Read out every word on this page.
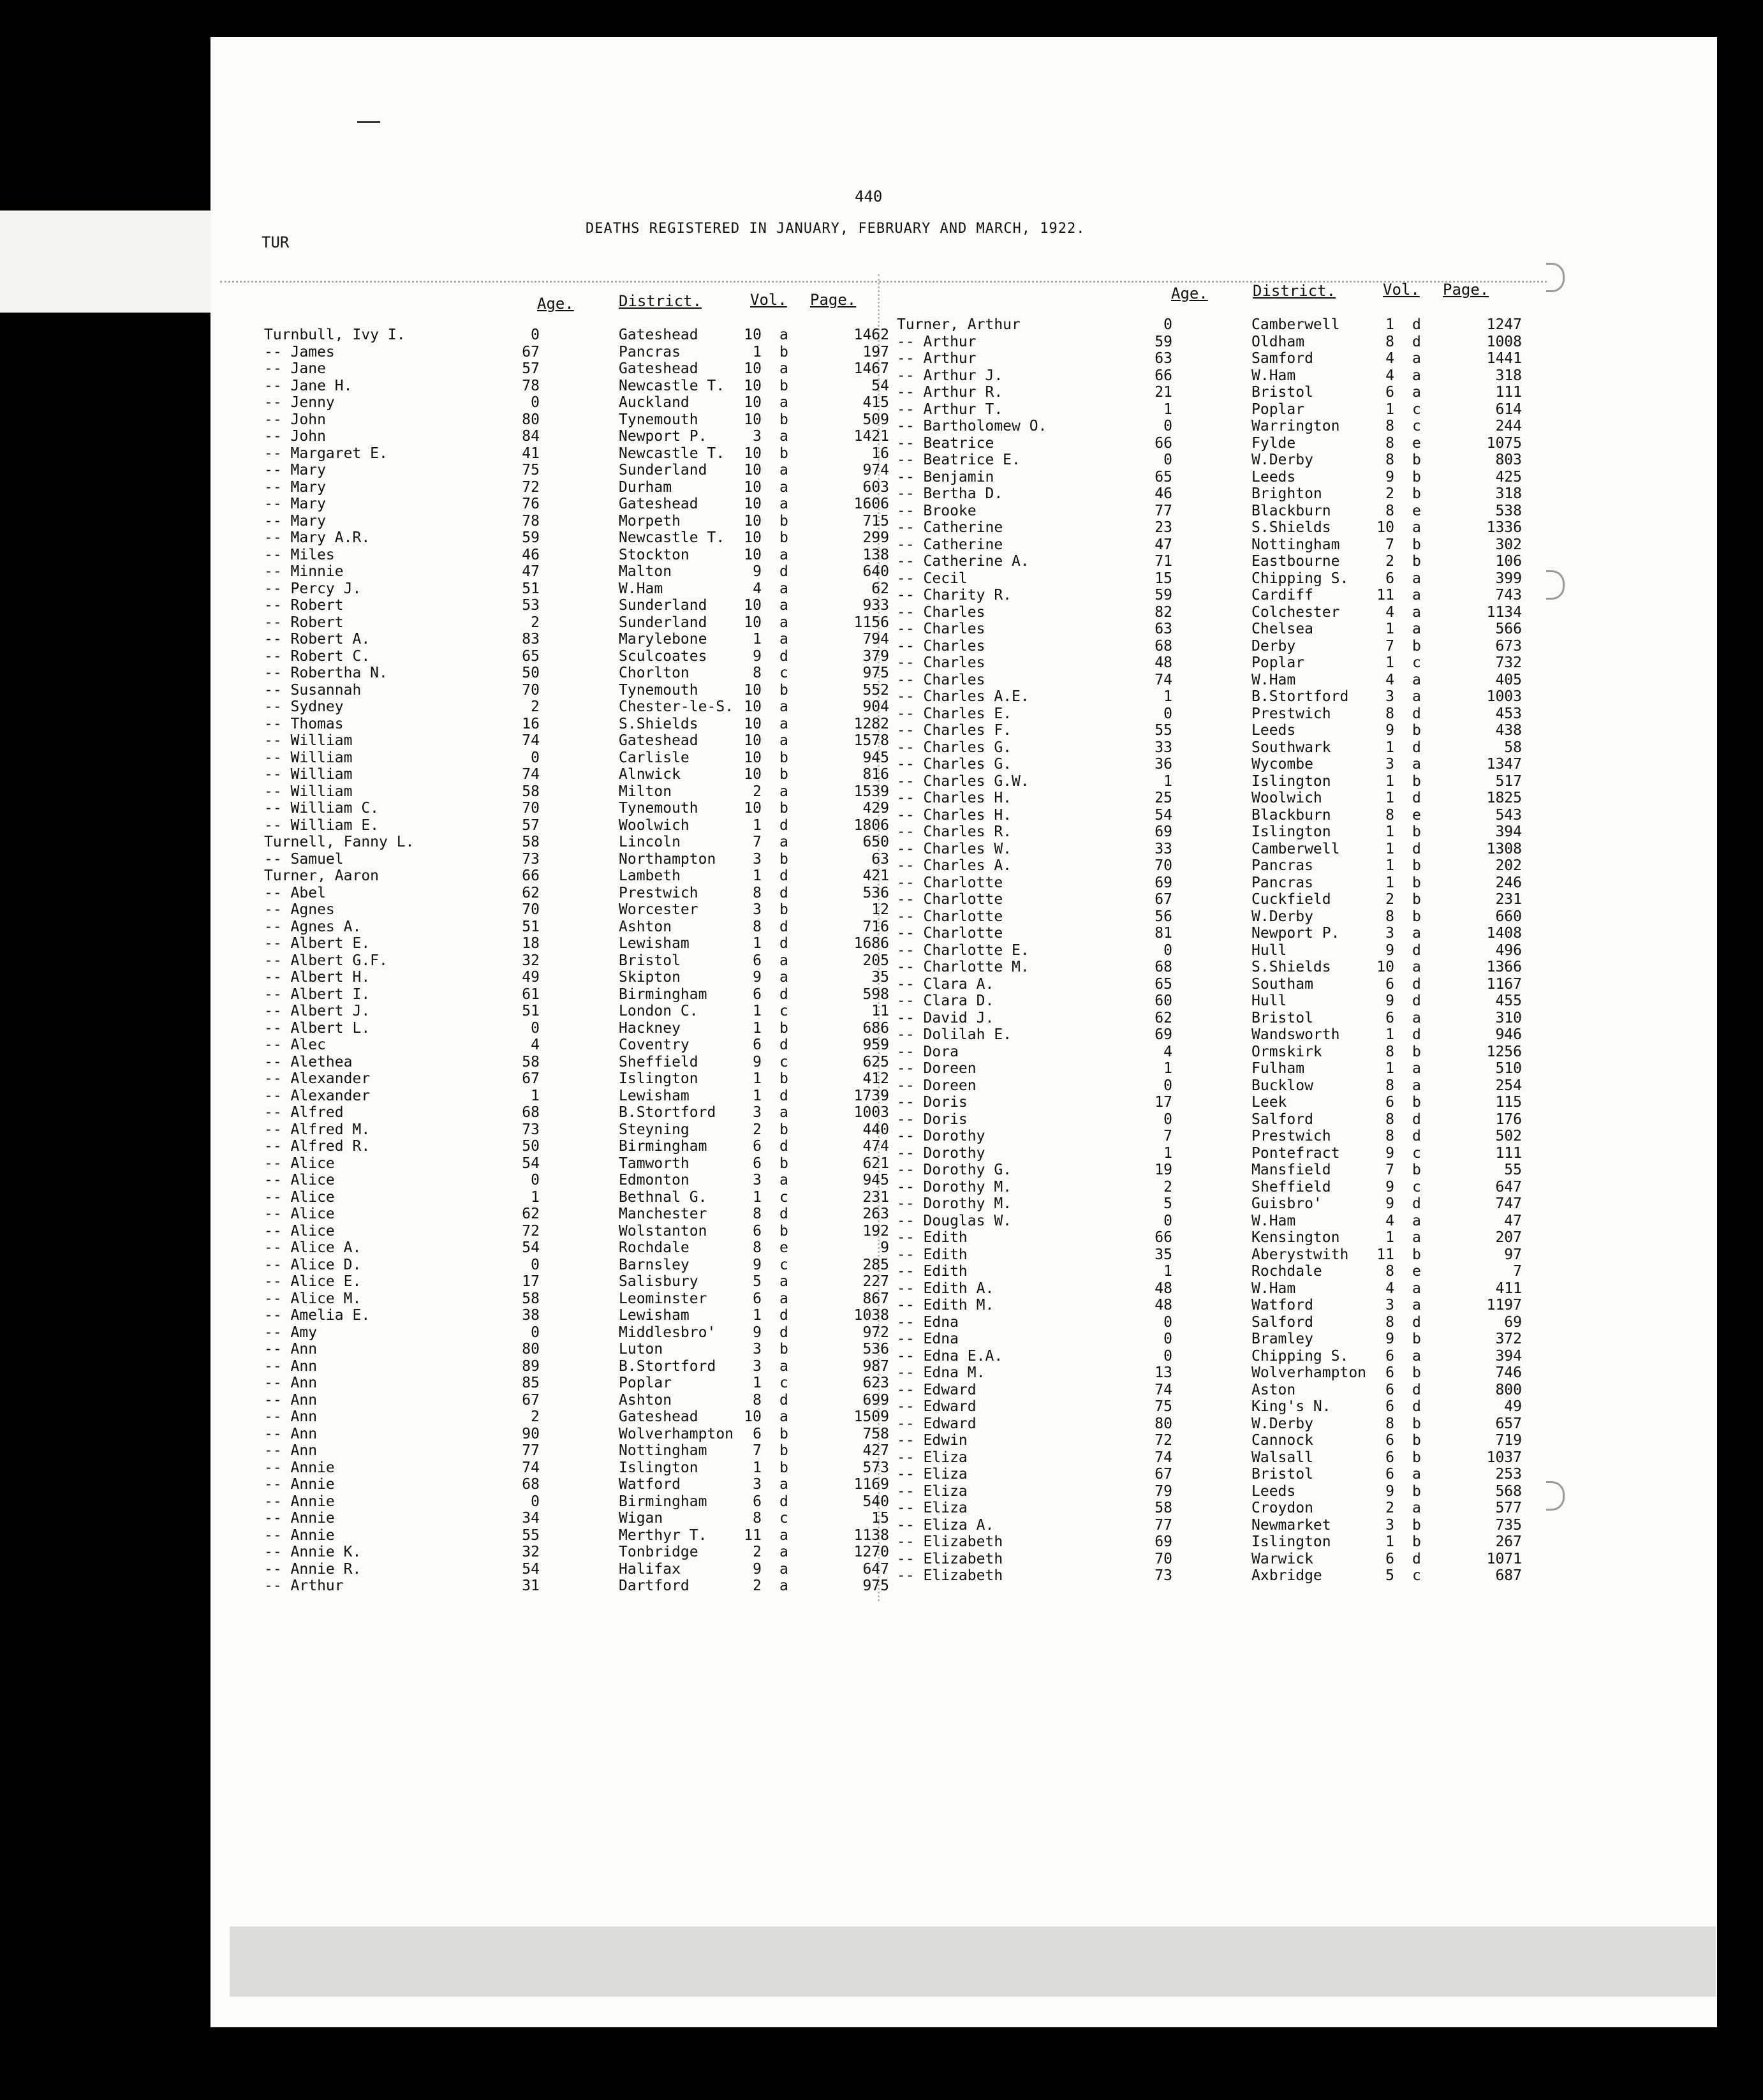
440
DEATHS REGISTERED IN JANUARY, FEBRUARY AND MARCH, 1922.
TUR
Age.	District.	Vol. Page.	Age.	District.	Vol. Page.
Turnbull, Ivy I.	0	Gateshead	10 a	1462
-- James	67	Pancras	1 b	197
-- Jane	57	Gateshead	10 a	1467
-- Jane H.	78	Newcastle T.	10 b	54
-- Jenny	0	Auckland	10 a	415
-- John	80	Tynemouth	10 b	509
-- John	84	Newport P.	3 a	1421
-- Margaret E.	41	Newcastle T.	10 b	16
-- Mary	75	Sunderland	10 a	974
-- Mary	72	Durham	10 a	603
-- Mary	76	Gateshead	10 a	1606
-- Mary	78	Morpeth	10 b	715
-- Mary A.R.	59	Newcastle T.	10 b	299
-- Miles	46	Stockton	10 a	138
-- Minnie	47	Malton	9 d	640
-- Percy J.	51	W.Ham	4 a	62
-- Robert	53	Sunderland	10 a	933
-- Robert	2	Sunderland	10 a	1156
-- Robert A.	83	Marylebone	1 a	794
-- Robert C.	65	Sculcoates	9 d	379
-- Robertha N.	50	Chorlton	8 c	975
-- Susannah	70	Tynemouth	10 b	552
-- Sydney	2	Chester-le-S. 10 a	904
-- Thomas	16	S.Shields	10 a	1282
-- William	74	Gateshead	10 a	1578
-- William	0	Carlisle	10 b	945
-- William	74	Alnwick	10 b	816
-- William	58	Milton	2 a	1539
-- William C.	70	Tynemouth	10 b	429
-- William E.	57	Woolwich	1 d	1806
Turnell, Fanny L.	58	Lincoln	7 a	650
-- Samuel	73	Northampton	3 b	63
Turner, Aaron	66	Lambeth	1 d	421
-- Abel	62	Prestwich	8 d	536
-- Agnes	70	Worcester	3 b	12
-- Agnes A.	51	Ashton	8 d	716
-- Albert E.	18	Lewisham	1 d	1686
-- Albert G.F.	32	Bristol	6 a	205
-- Albert H.	49	Skipton	9 a	35
-- Albert I.	61	Birmingham	6 d	598
-- Albert J.	51	London C.	1 c	11
-- Albert L.	0	Hackney	1 b	686
-- Alec	4	Coventry	6 d	959
-- Alethea	58	Sheffield	9 c	625
-- Alexander	67	Islington	1 b	412
-- Alexander	1	Lewisham	1 d	1739
-- Alfred	68	B.Stortford	3 a	1003
-- Alfred M.	73	Steyning	2 b	440
-- Alfred R.	50	Birmingham	6 d	474
-- Alice	54	Tamworth	6 b	621
-- Alice	0	Edmonton	3 a	945
-- Alice	1	Bethnal G.	1 c	231
-- Alice	62	Manchester	8 d	263
-- Alice	72	Wolstanton	6 b	192
-- Alice A.	54	Rochdale	8 e	9
-- Alice D.	0	Barnsley	9 c	285
-- Alice E.	17	Salisbury	5 a	227
-- Alice M.	58	Leominster	6 a	867
-- Amelia E.	38	Lewisham	1 d	1038
-- Amy	0	Middlesbro'	9 d	972
-- Ann	80	Luton	3 b	536
-- Ann	89	B.Stortford	3 a	987
-- Ann	85	Poplar	1 c	623
-- Ann	67	Ashton	8 d	699
-- Ann	2	Gateshead	10 a	1509
-- Ann	90	Wolverhampton	6 b	758
-- Ann	77	Nottingham	7 b	427
-- Annie	74	Islington	1 b	573
-- Annie	68	Watford	3 a	1169
-- Annie	0	Birmingham	6 d	540
-- Annie	34	Wigan	8 c	15
-- Annie	55	Merthyr T.	11 a	1138
-- Annie K.	32	Tonbridge	2 a	1270
-- Annie R.	54	Halifax	9 a	647
-- Arthur	31	Dartford	2 a	975
Turner, Arthur	0	Camberwell	1 d	1247
-- Arthur	59	Oldham	8 d	1008
-- Arthur	63	Samford	4 a	1441
-- Arthur J.	66	W.Ham	4 a	318
-- Arthur R.	21	Bristol	6 a	111
-- Arthur T.	1	Poplar	1 c	614
-- Bartholomew O.	0	Warrington	8 c	244
-- Beatrice	66	Fylde	8 e	1075
-- Beatrice E.	0	W.Derby	8 b	803
-- Benjamin	65	Leeds	9 b	425
-- Bertha D.	46	Brighton	2 b	318
-- Brooke	77	Blackburn	8 e	538
-- Catherine	23	S.Shields	10 a	1336
-- Catherine	47	Nottingham	7 b	302
-- Catherine A.	71	Eastbourne	2 b	106
-- Cecil	15	Chipping S.	6 a	399
-- Charity R.	59	Cardiff	11 a	743
-- Charles	82	Colchester	4 a	1134
-- Charles	63	Chelsea	1 a	566
-- Charles	68	Derby	7 b	673
-- Charles	48	Poplar	1 c	732
-- Charles	74	W.Ham	4 a	405
-- Charles A.E.	1	B.Stortford	3 a	1003
-- Charles E.	0	Prestwich	8 d	453
-- Charles F.	55	Leeds	9 b	438
-- Charles G.	33	Southwark	1 d	58
-- Charles G.	36	Wycombe	3 a	1347
-- Charles G.W.	1	Islington	1 b	517
-- Charles H.	25	Woolwich	1 d	1825
-- Charles H.	54	Blackburn	8 e	543
-- Charles R.	69	Islington	1 b	394
-- Charles W.	33	Camberwell	1 d	1308
-- Charles A.	70	Pancras	1 b	202
-- Charlotte	69	Pancras	1 b	246
-- Charlotte	67	Cuckfield	2 b	231
-- Charlotte	56	W.Derby	8 b	660
-- Charlotte	81	Newport P.	3 a	1408
-- Charlotte E.	0	Hull	9 d	496
-- Charlotte M.	68	S.Shields	10 a	1366
-- Clara A.	65	Southam	6 d	1167
-- Clara D.	60	Hull	9 d	455
-- David J.	62	Bristol	6 a	310
-- Dolilah E.	69	Wandsworth	1 d	946
-- Dora	4	Ormskirk	8 b	1256
-- Doreen	1	Fulham	1 a	510
-- Doreen	0	Bucklow	8 a	254
-- Doris	17	Leek	6 b	115
-- Doris	0	Salford	8 d	176
-- Dorothy	7	Prestwich	8 d	502
-- Dorothy	1	Pontefract	9 c	111
-- Dorothy G.	19	Mansfield	7 b	55
-- Dorothy M.	2	Sheffield	9 c	647
-- Dorothy M.	5	Guisbro'	9 d	747
-- Douglas W.	0	W.Ham	4 a	47
-- Edith	66	Kensington	1 a	207
-- Edith	35	Aberystwith	11 b	97
-- Edith	1	Rochdale	8 e	7
-- Edith A.	48	W.Ham	4 a	411
-- Edith M.	48	Watford	3 a	1197
-- Edna	0	Salford	8 d	69
-- Edna	0	Bramley	9 b	372
-- Edna E.A.	0	Chipping S.	6 a	394
-- Edna M.	13	Wolverhampton	6 b	746
-- Edward	74	Aston	6 d	800
-- Edward	75	King's N.	6 d	49
-- Edward	80	W.Derby	8 b	657
-- Edwin	72	Cannock	6 b	719
-- Eliza	74	Walsall	6 b	1037
-- Eliza	67	Bristol	6 a	253
-- Eliza	79	Leeds	9 b	568
-- Eliza	58	Croydon	2 a	577
-- Eliza A.	77	Newmarket	3 b	735
-- Elizabeth	69	Islington	1 b	267
-- Elizabeth	70	Warwick	6 d	1071
-- Elizabeth	73	Axbridge	5 c	687
